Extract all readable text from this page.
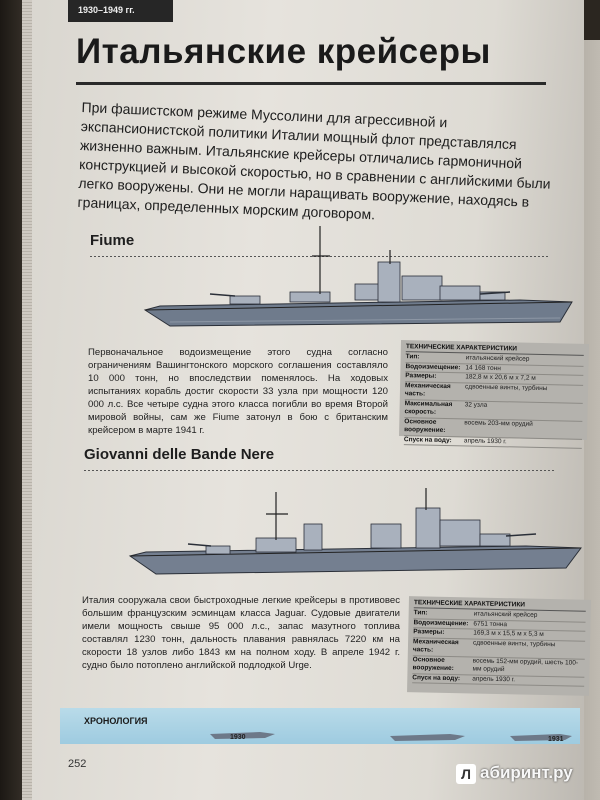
1930–1949 гг.
Итальянские крейсеры

При фашистском режиме Муссолини для агрессивной и экспансионистской политики Италии мощный флот представлялся жизненно важным. Итальянские крейсеры отличались гармоничной конструкцией и высокой скоростью, но в сравнении с английскими были легко вооружены. Они не могли наращивать вооружение, находясь в границах, определенных морским договором.

Fiume

Первоначальное водоизмещение этого судна согласно ограничениям Вашингтонского морского соглашения составляло 10 000 тонн, но впоследствии поменялось. На ходовых испытаниях корабль достиг скорости 33 узла при мощности 120 000 л.с. Все четыре судна этого класса погибли во время Второй мировой войны, сам же Fiume затонул в бою с британским крейсером в марте 1941 г.

ТЕХНИЧЕСКИЕ ХАРАКТЕРИСТИКИ
Тип:	итальянский крейсер
Водоизмещение: 14 168 тонн
Размеры:	182,8 м х 20,6 м х 7,2 м
Механическая часть:
сдвоенные винты, турбины
Максимальная скорость:
32 узла
Основное вооружение:
восемь 203-мм орудий
Спуск на воду:	апрель 1930 г.
Giovanni delle Bande Nere

Италия сооружала свои быстроходные легкие крейсеры в противовес большим французским эсминцам класса Jaguar. Судовые двигатели имели мощность свыше 95 000 л.с., запас мазутного топлива составлял 1230 тонн, дальность плавания равнялась 7220 км на скорости 18 узлов либо 1843 км на полном ходу. В апреле 1942 г. судно было потоплено английской подлодкой Urge.

ТЕХНИЧЕСКИЕ ХАРАКТЕРИСТИКИ
Тип:	итальянский крейсер
Водоизмещение: 6751 тонна
Размеры:	169,3 м х 15,5 м х 5,3 м
Механическая часть:
сдвоенные винты, турбины
Основное вооружение:
восемь 152-мм орудий, шесть 100-мм орудий
Спуск на воду:	апрель 1930 г.
ХРОНОЛОГИЯ
1930	1931
252
Л абиринт.ру
